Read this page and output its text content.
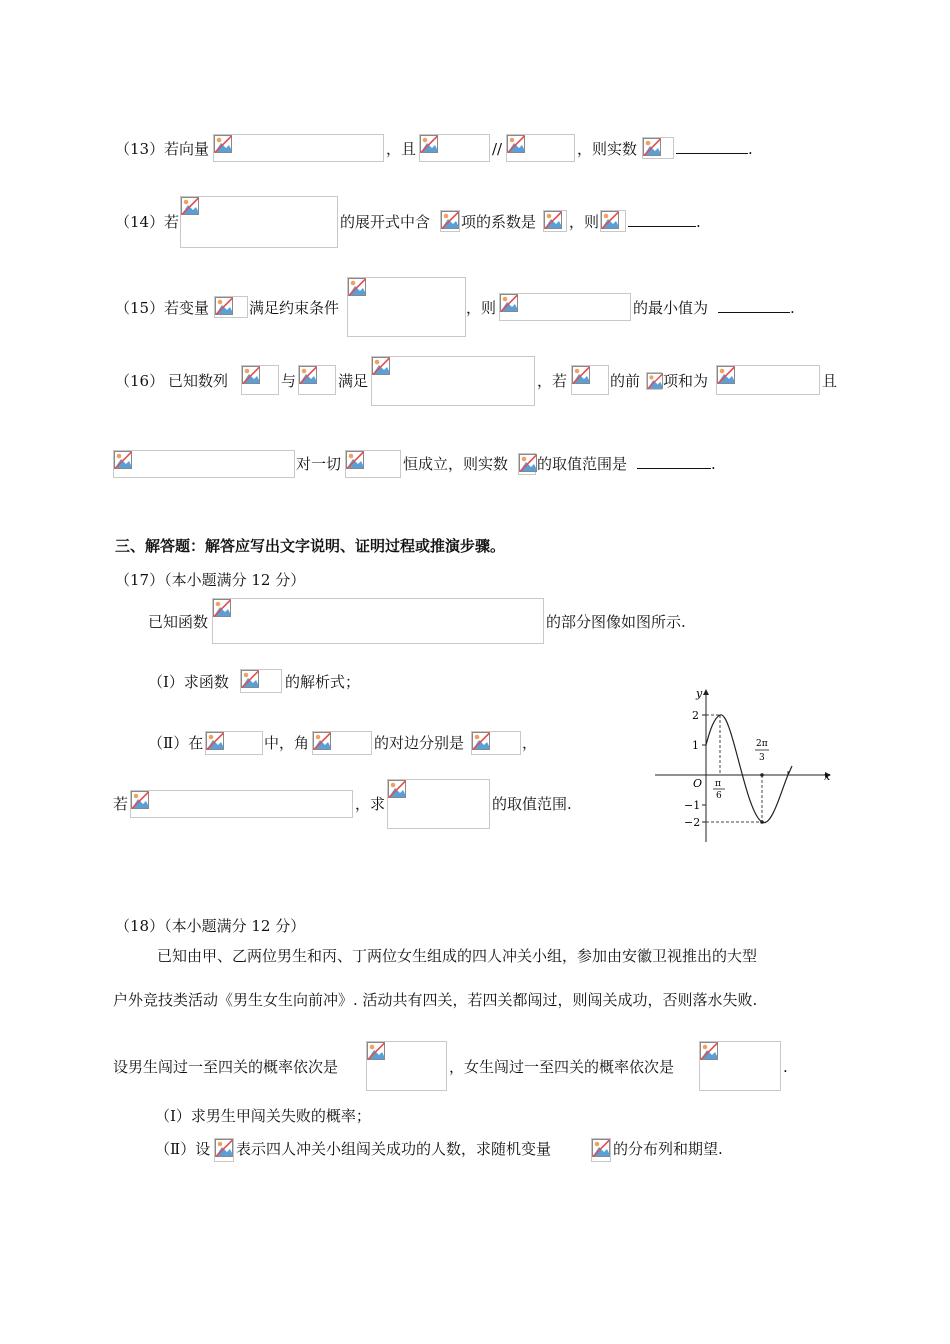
（13） 若向量	，且	//	，则实数	.
（14） 若	的展开式中含 项的系数是 ，则	.
（15） 若变量	满足约束条件	，则	的最小值为	.
（16） 已知数列	与	满足	，若	的前 项和为	且
对一切	恒成立，则实数 的取值范围是	.
三、解答题：解答应写出文字说明、证明过程或推演步骤。
（17）（本小题满分 12 分）
已知函数	的部分图像如图所示.
（Ⅰ）求函数	的解析式；
（Ⅱ）在	中，角	的对边分别是	，
若	，求	的取值范围.
y
x
O
2
1
−1
−2
π
6
2π
3
（18）（本小题满分 12 分）
已知由甲、乙两位男生和丙、丁两位女生组成的四人冲关小组，参加由安徽卫视推出的大型
户外竞技类活动《男生女生向前冲》. 活动共有四关，若四关都闯过，则闯关成功，否则落水失败.
设男生闯过一至四关的概率依次是	，女生闯过一至四关的概率依次是	.
（Ⅰ）求男生甲闯关失败的概率；
（Ⅱ）设 表示四人冲关小组闯关成功的人数，求随机变量	的分布列和期望.
